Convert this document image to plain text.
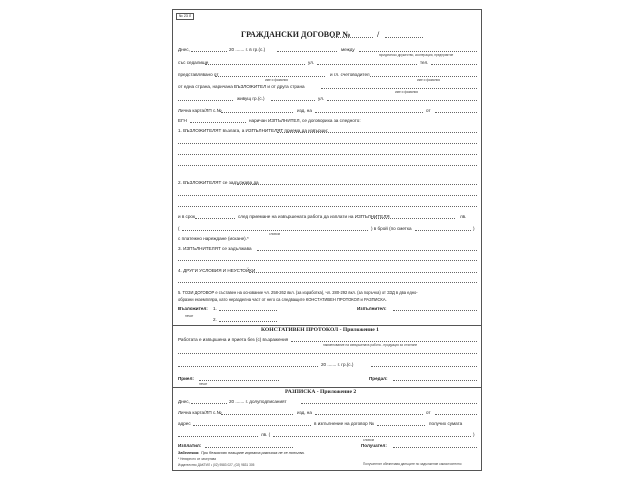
№ 23 Л
ГРАЖДАНСКИ ДОГОВОР №	/
Днес,	20 ....... г. в гр.(с.)	между
юридическо дружество, кооперация, предприятие
със седалище	ул.	тел.
представлявано от
име и фамилия
и гл. счетоводител
име и фамилия
от една страна, наричана ВЪЗЛОЖИТЕЛ и от друга страна
име и фамилия
живущ гр.(с.)	ул.
Лична карта/ЛП с.№	изд. на	от
ЕГН	наричан ИЗПЪЛНИТЕЛ, се договориха за следното:
1. ВЪЗЛОЖИТЕЛЯТ възлага, а ИЗПЪЛНИТЕЛЯТ приема да извърши:
2. ВЪЗЛОЖИТЕЛЯТ се задължава да
и в срок	след приемане на извършената работа да изплати на ИЗПЪЛНИТЕЛЯ	лв.
(
словом
) в брой (по сметка	)
с платежно нареждане (искане).*
3. ИЗПЪЛНИТЕЛЯТ се задължава
4. ДРУГИ УСЛОВИЯ И НЕУСТОЙКИ
5. ТОЗИ ДОГОВОР е съставен на основание чл. 258-262 вкл. (за изработка), чл. 280-292 вкл. (за поръчка) от ЗЗД в два едно-
образни екземпляра, като неразделна част от него са следващите КОНСТАТИВЕН ПРОТОКОЛ и РАЗПИСКА.
Възложител: 1.	Изпълнител:
печат
2.
КОНСТАТИВЕН ПРОТОКОЛ - Приложение 1
Работата е извършена и приета без (с) възражения
наименование на извършената работа - продукция за отчитане
20 ....... г. гр.(с.)
Приел:
печат
Предал:
РАЗПИСКА - Приложение 2
Днес,	20 ....... г. долуподписаният
Лична карта/ЛП с.№	изд. на	от
адрес	в изпълнение на договор №	получих сумата
лв. (	)
словом
Изплатил:	Получател:
Забележка: При безкасово плащане горната разписка не се попълва.
* Невярното се зачертава
Получателят обезпечава данъците по задължение самостоятелно
Издателство ДАКТИЛ ▪ (02) 9583 027, (02) 9831 305
